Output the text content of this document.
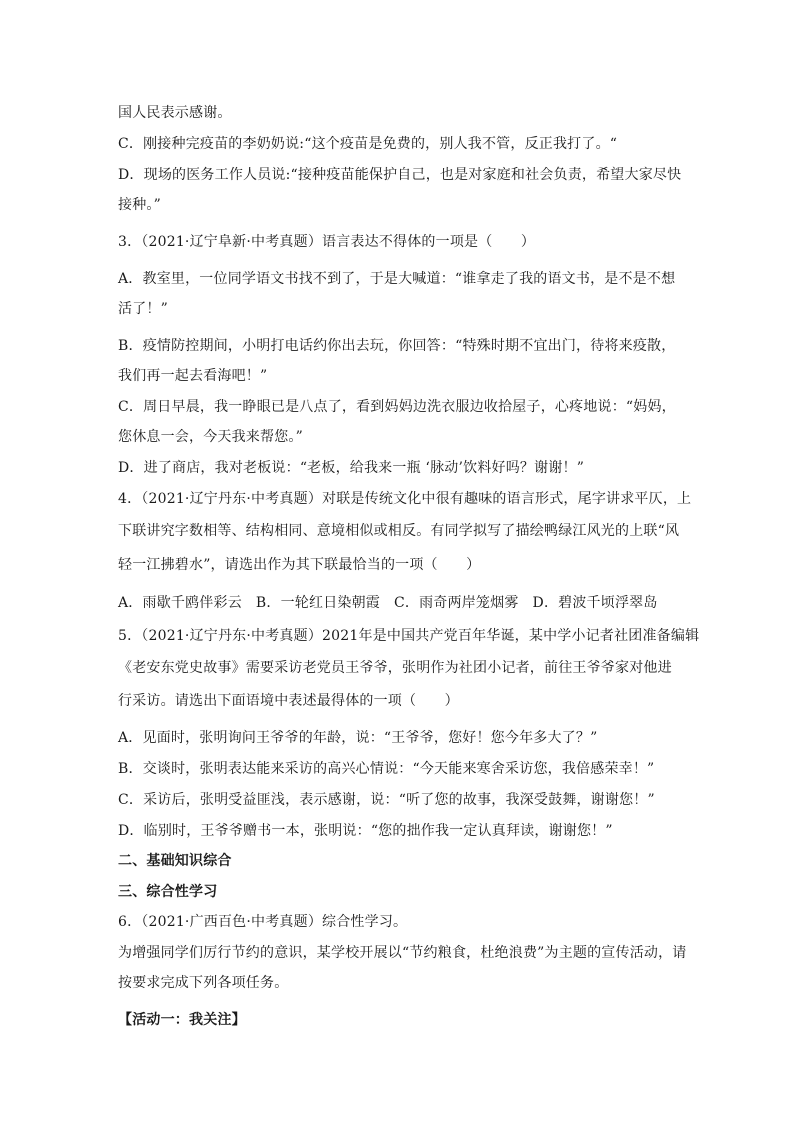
国人民表示感谢。
C．刚接种完疫苗的李奶奶说:“这个疫苗是免费的，别人我不管，反正我打了。“
D．现场的医务工作人员说:“接种疫苗能保护自己，也是对家庭和社会负责，希望大家尽快
接种。”
3．（2021·辽宁阜新·中考真题）语言表达不得体的一项是（　　）
A．教室里，一位同学语文书找不到了，于是大喊道：“谁拿走了我的语文书，是不是不想
活了！”
B．疫情防控期间，小明打电话约你出去玩，你回答：“特殊时期不宜出门，待将来疫散，
我们再一起去看海吧！”
C．周日早晨，我一睁眼已是八点了，看到妈妈边洗衣服边收拾屋子，心疼地说：“妈妈，
您休息一会，今天我来帮您。”
D．进了商店，我对老板说：“老板，给我来一瓶 ‘脉动’饮料好吗？谢谢！”
4．（2021·辽宁丹东·中考真题）对联是传统文化中很有趣味的语言形式，尾字讲求平仄，上
下联讲究字数相等、结构相同、意境相似或相反。有同学拟写了描绘鸭绿江风光的上联“风
轻一江拂碧水”，请选出作为其下联最恰当的一项（　　）
A．雨歇千鸥伴彩云 B．一轮红日染朝霞 C．雨奇两岸笼烟雾 D．碧波千顷浮翠岛
5．（2021·辽宁丹东·中考真题）2021年是中国共产党百年华诞，某中学小记者社团准备编辑
《老安东党史故事》需要采访老党员王爷爷，张明作为社团小记者，前往王爷爷家对他进
行采访。请选出下面语境中表述最得体的一项（　　）
A．见面时，张明询问王爷爷的年龄，说：“王爷爷，您好！您今年多大了？”
B．交谈时，张明表达能来采访的高兴心情说：“今天能来寒舍采访您，我倍感荣幸！”
C．采访后，张明受益匪浅，表示感谢，说：“听了您的故事，我深受鼓舞，谢谢您！”
D．临别时，王爷爷赠书一本，张明说：“您的拙作我一定认真拜读，谢谢您！”
二、基础知识综合
三、综合性学习
6．（2021·广西百色·中考真题）综合性学习。
为增强同学们厉行节约的意识，某学校开展以“节约粮食，杜绝浪费”为主题的宣传活动，请
按要求完成下列各项任务。
【活动一：我关注】
